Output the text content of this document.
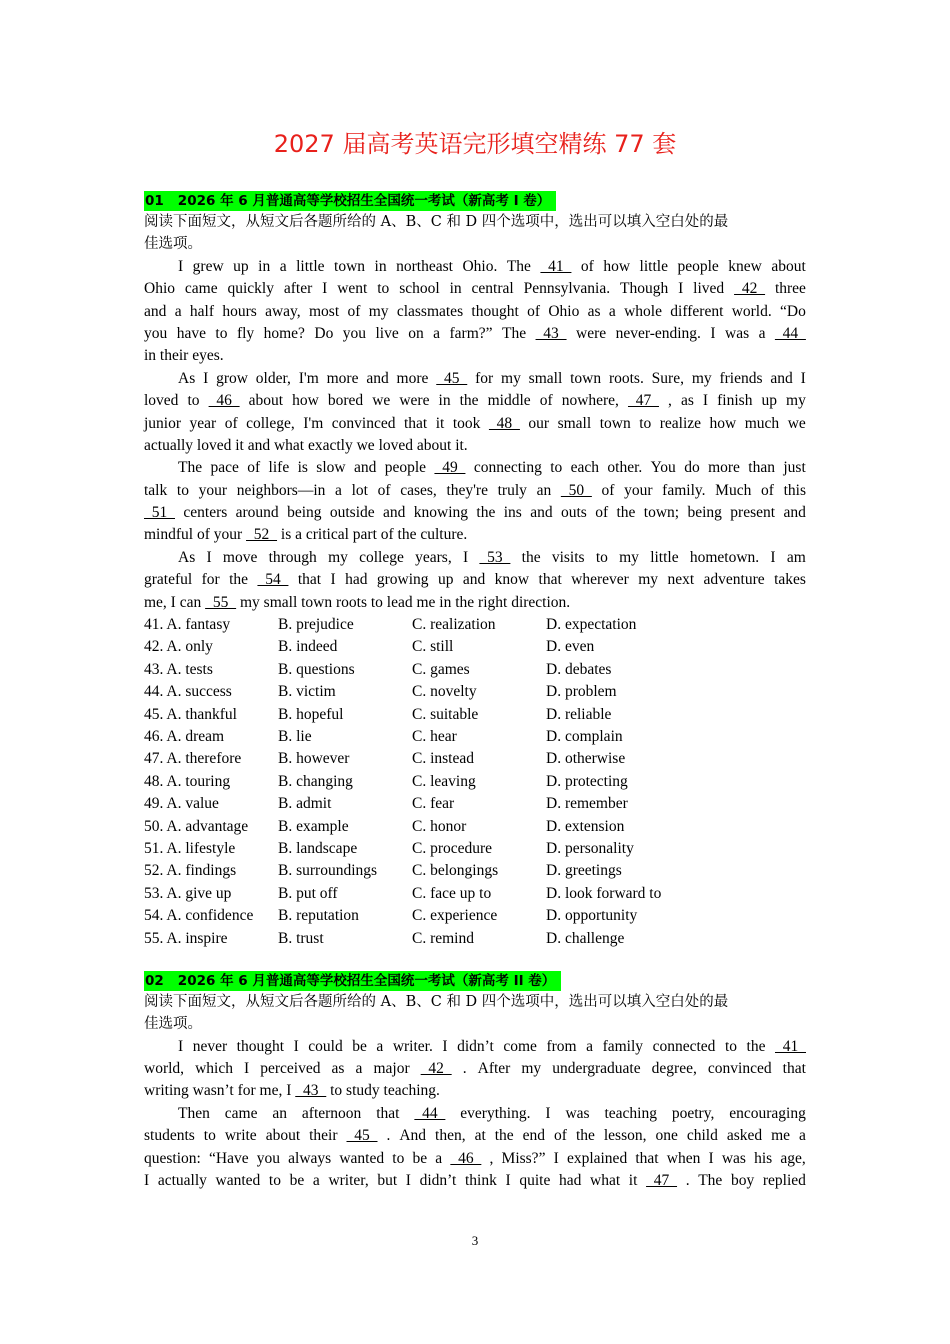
2027 届高考英语完形填空精练 77 套
01 2026 年 6 月普通高等学校招生全国统一考试（新高考 I 卷）
阅读下面短文，从短文后各题所给的 A、B、C 和 D 四个选项中，选出可以填入空白处的最
佳选项。
I grew up in a little town in northeast Ohio. The 41 of how little people knew about
Ohio came quickly after I went to school in central Pennsylvania. Though I lived 42 three
and a half hours away, most of my classmates thought of Ohio as a whole different world. “Do
you have to fly home? Do you live on a farm?” The 43 were never-ending. I was a 44
in their eyes.
As I grow older, I'm more and more 45 for my small town roots. Sure, my friends and I
loved to 46 about how bored we were in the middle of nowhere, 47 , as I finish up my
junior year of college, I'm convinced that it took 48 our small town to realize how much we
actually loved it and what exactly we loved about it.
The pace of life is slow and people 49 connecting to each other. You do more than just
talk to your neighbors—in a lot of cases, they're truly an 50 of your family. Much of this
51 centers around being outside and knowing the ins and outs of the town; being present and
mindful of your   52   is a critical part of the culture.
As I move through my college years, I 53 the visits to my little hometown. I am
grateful for the 54 that I had growing up and know that wherever my next adventure takes
me, I can   55   my small town roots to lead me in the right direction.
41. A. fantasy	B. prejudice	C. realization	D. expectation
42. A. only	B. indeed	C. still	D. even
43. A. tests	B. questions	C. games	D. debates
44. A. success	B. victim	C. novelty	D. problem
45. A. thankful	B. hopeful	C. suitable	D. reliable
46. A. dream	B. lie	C. hear	D. complain
47. A. therefore	B. however	C. instead	D. otherwise
48. A. touring	B. changing	C. leaving	D. protecting
49. A. value	B. admit	C. fear	D. remember
50. A. advantage	B. example	C. honor	D. extension
51. A. lifestyle	B. landscape	C. procedure	D. personality
52. A. findings	B. surroundings	C. belongings	D. greetings
53. A. give up	B. put off	C. face up to	D. look forward to
54. A. confidence	B. reputation	C. experience	D. opportunity
55. A. inspire	B. trust	C. remind	D. challenge
02 2026 年 6 月普通高等学校招生全国统一考试（新高考 II 卷）
阅读下面短文，从短文后各题所给的 A、B、C 和 D 四个选项中，选出可以填入空白处的最
佳选项。
I never thought I could be a writer. I didn’t come from a family connected to the 41
world, which I perceived as a major 42 . After my undergraduate degree, convinced that
writing wasn’t for me, I   43   to study teaching.
Then came an afternoon that 44 everything. I was teaching poetry, encouraging
students to write about their 45 . And then, at the end of the lesson, one child asked me a
question: “Have you always wanted to be a 46 , Miss?” I explained that when I was his age,
I actually wanted to be a writer, but I didn’t think I quite had what it 47 . The boy replied
3
